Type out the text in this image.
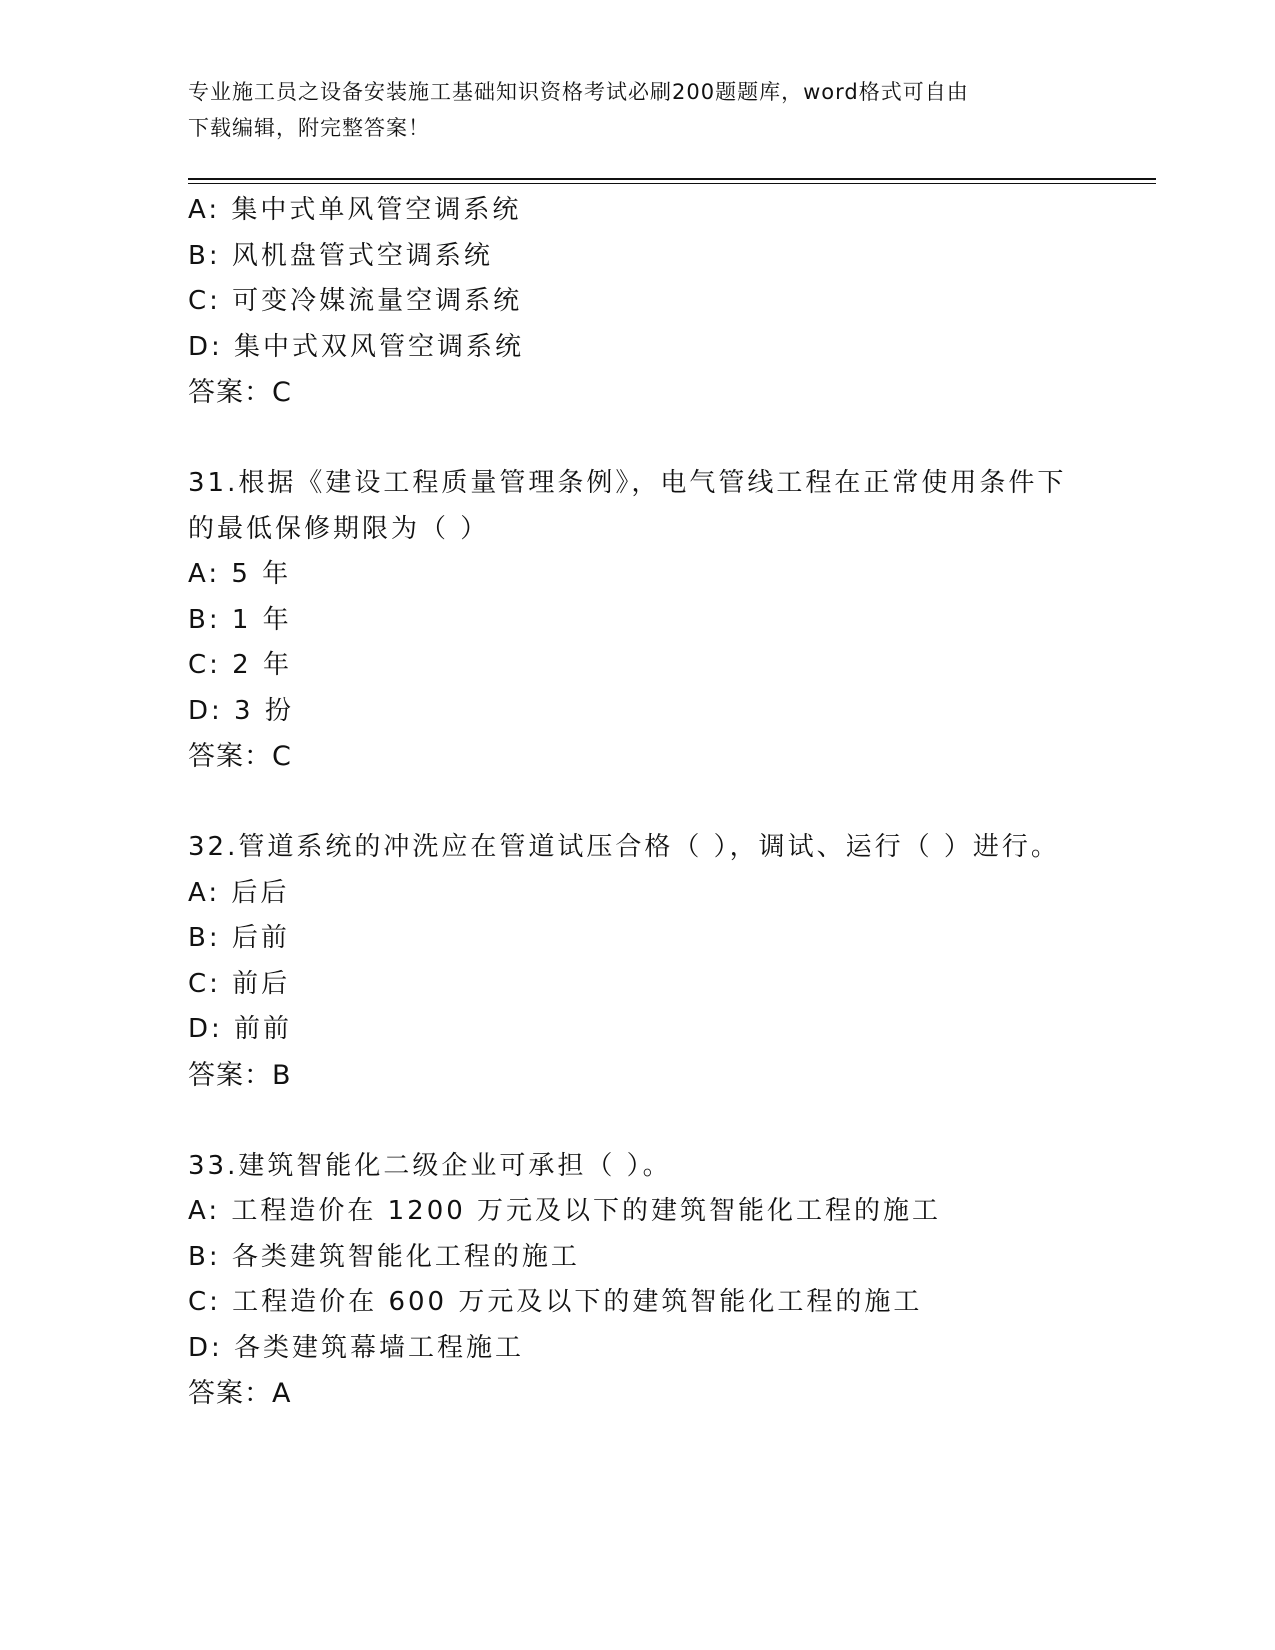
专业施工员之设备安装施工基础知识资格考试必刷200题题库，word格式可自由
下载编辑，附完整答案！
A: 集中式单风管空调系统
B: 风机盘管式空调系统
C: 可变冷媒流量空调系统
D: 集中式双风管空调系统
答案：C
31.根据《建设工程质量管理条例》，电气管线工程在正常使用条件下
的最低保修期限为（ ）
A: 5 年
B: 1 年
C: 2 年
D: 3 扮
答案：C
32.管道系统的冲洗应在管道试压合格（ ），调试、运行（ ）进行。
A: 后后
B: 后前
C: 前后
D: 前前
答案：B
33.建筑智能化二级企业可承担（ ）。
A: 工程造价在 1200 万元及以下的建筑智能化工程的施工
B: 各类建筑智能化工程的施工
C: 工程造价在 600 万元及以下的建筑智能化工程的施工
D: 各类建筑幕墙工程施工
答案：A
